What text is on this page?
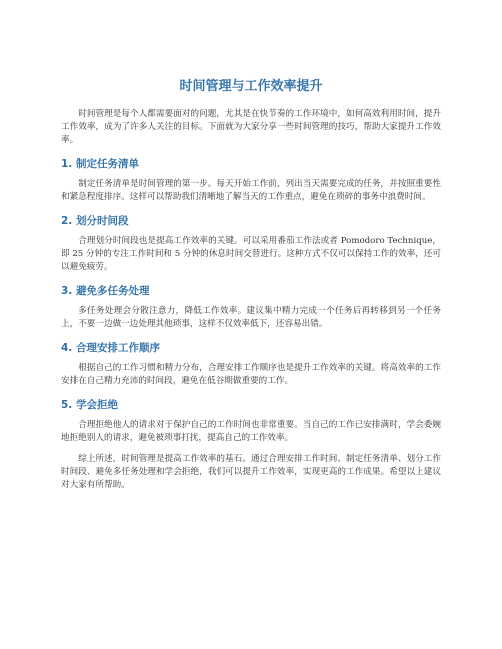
时间管理与工作效率提升

时间管理是每个人都需要面对的问题，尤其是在快节奏的工作环境中，如何高效利用时间，提升工作效率，成为了许多人关注的目标。下面就为大家分享一些时间管理的技巧，帮助大家提升工作效率。

1. 制定任务清单

制定任务清单是时间管理的第一步。每天开始工作前，列出当天需要完成的任务，并按照重要性和紧急程度排序。这样可以帮助我们清晰地了解当天的工作重点，避免在琐碎的事务中浪费时间。

2. 划分时间段

合理划分时间段也是提高工作效率的关键。可以采用番茄工作法或者 Pomodoro Technique，即 25 分钟的专注工作时间和 5 分钟的休息时间交替进行。这种方式不仅可以保持工作的效率，还可以避免疲劳。

3. 避免多任务处理

多任务处理会分散注意力，降低工作效率。建议集中精力完成一个任务后再转移到另一个任务上，不要一边做一边处理其他琐事，这样不仅效率低下，还容易出错。

4. 合理安排工作顺序

根据自己的工作习惯和精力分布，合理安排工作顺序也是提升工作效率的关键。将高效率的工作安排在自己精力充沛的时间段，避免在低谷期做重要的工作。

5. 学会拒绝

合理拒绝他人的请求对于保护自己的工作时间也非常重要。当自己的工作已安排满时，学会委婉地拒绝别人的请求，避免被琐事打扰，提高自己的工作效率。

综上所述，时间管理是提高工作效率的基石。通过合理安排工作时间、制定任务清单、划分工作时间段、避免多任务处理和学会拒绝，我们可以提升工作效率，实现更高的工作成果。希望以上建议对大家有所帮助。
